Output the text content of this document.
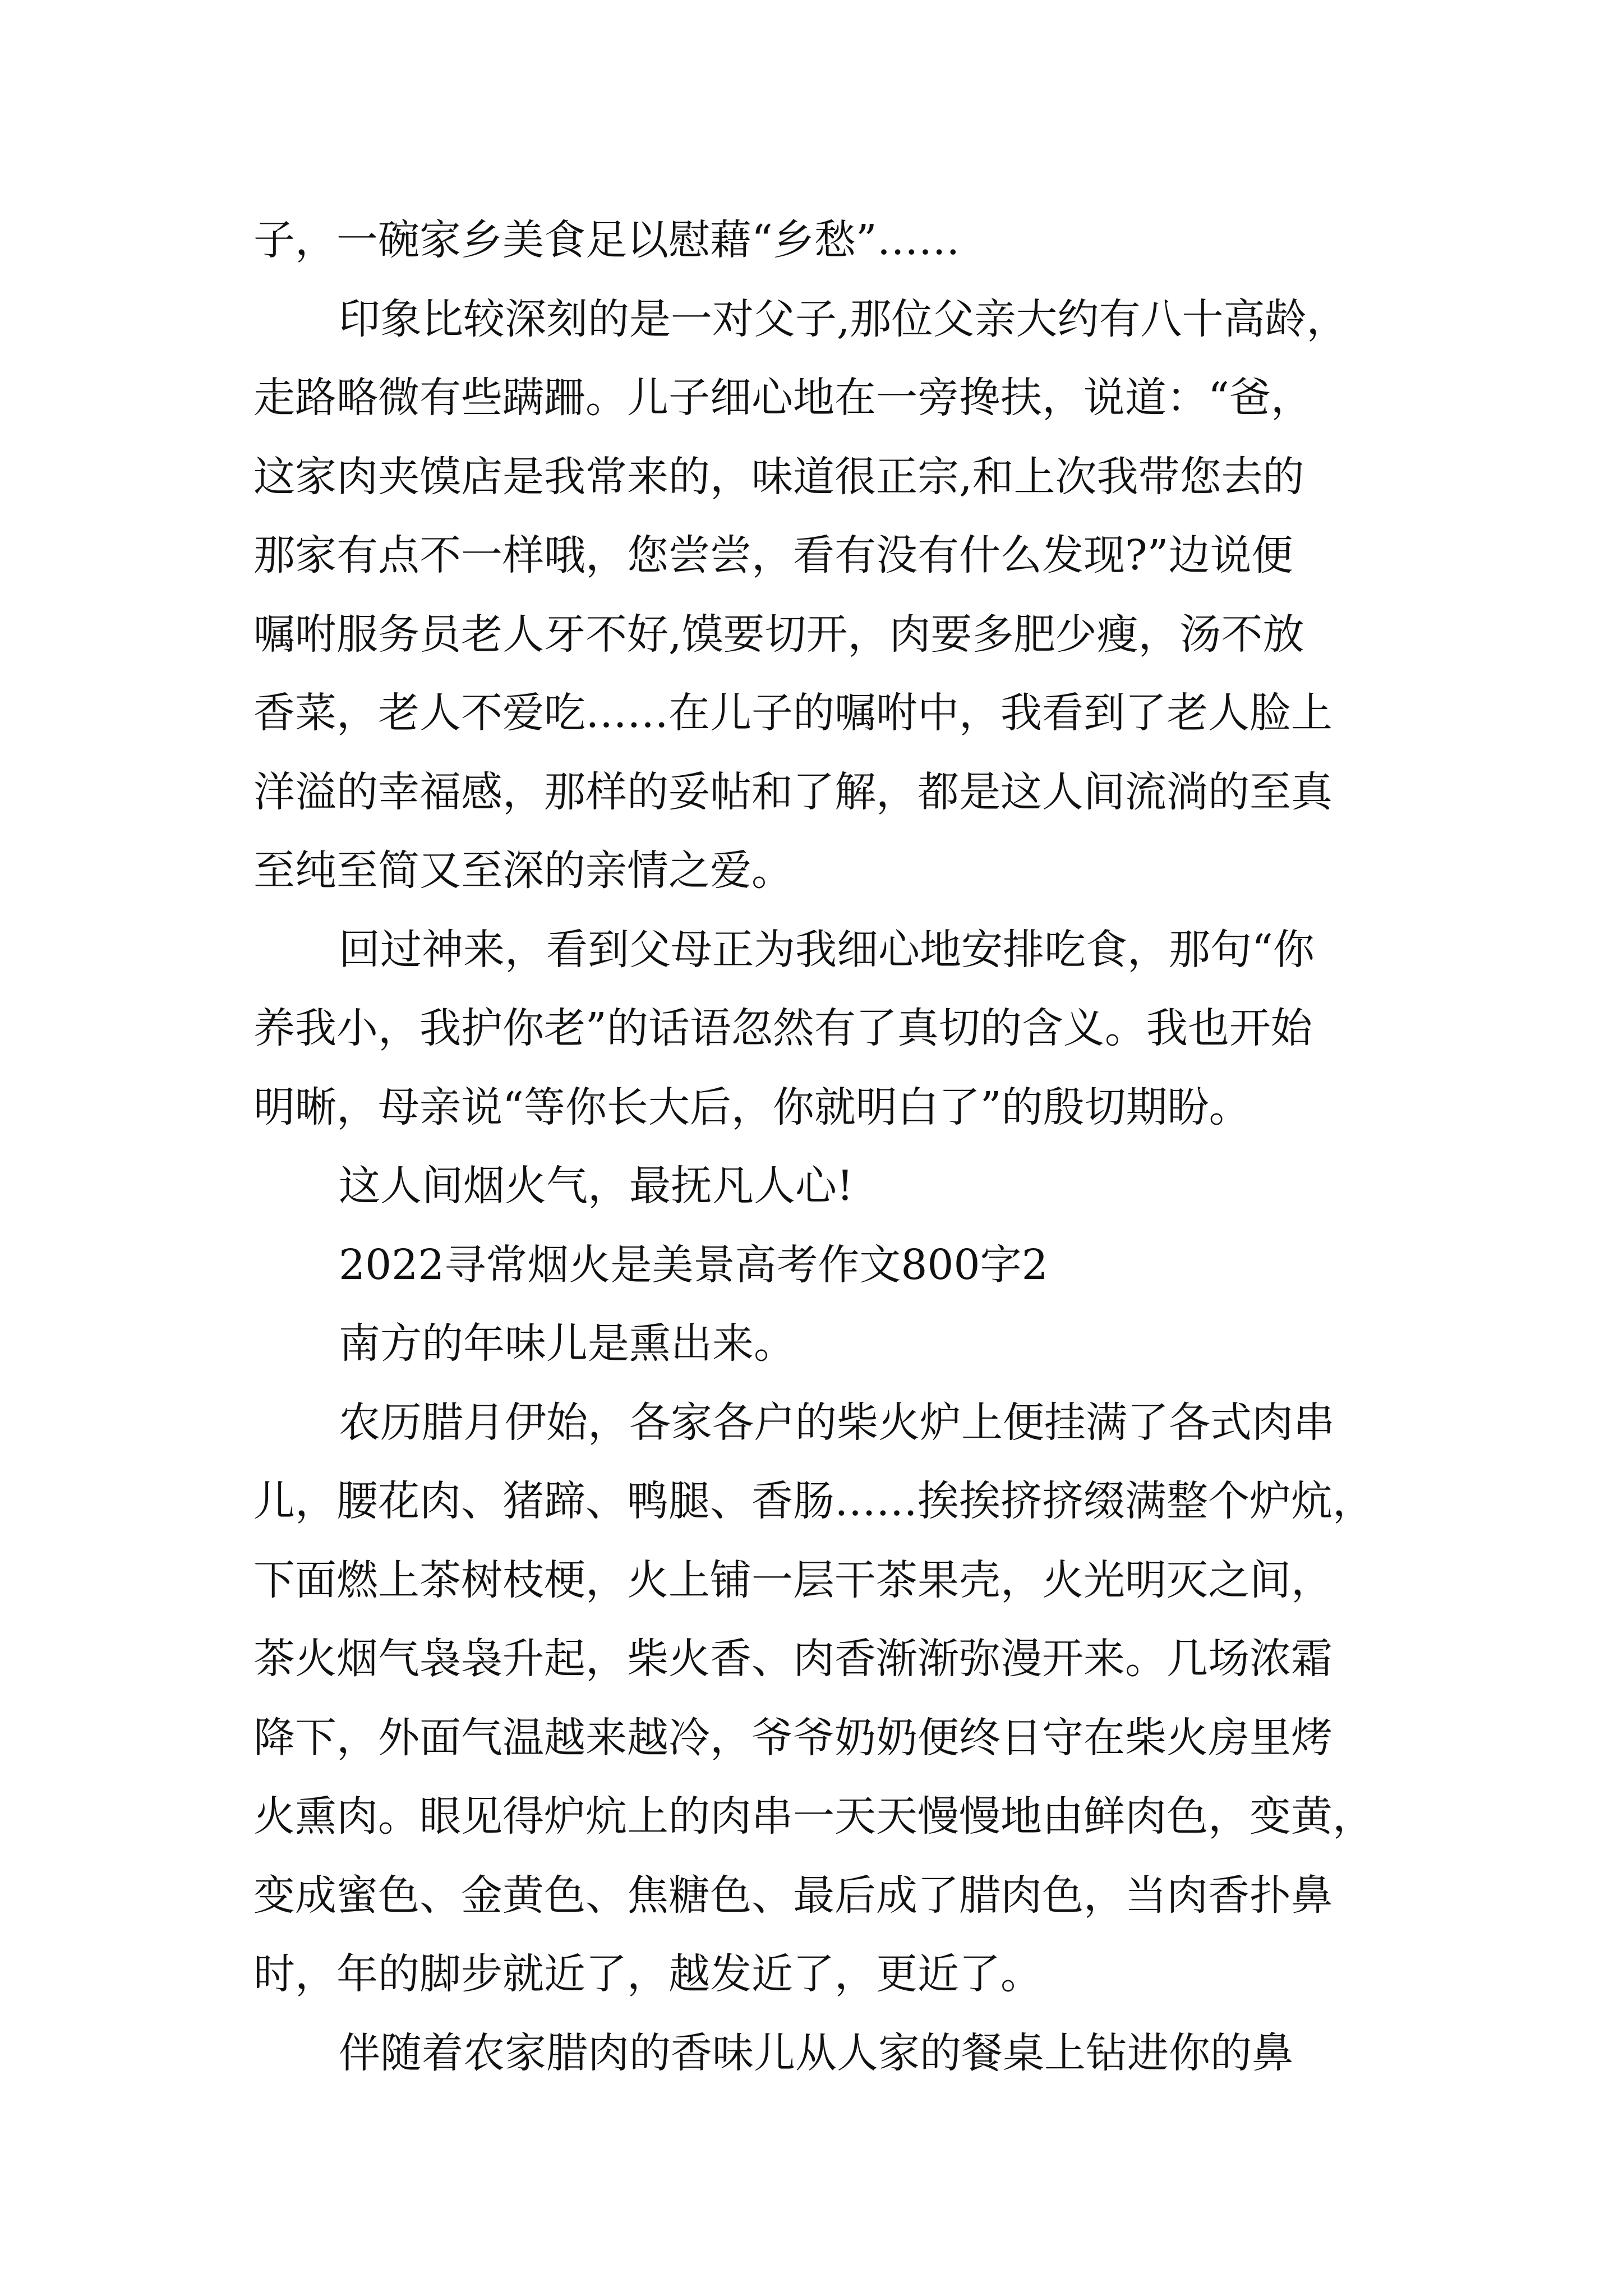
子，一碗家乡美食足以慰藉“乡愁”……
印象比较深刻的是一对父子,那位父亲大约有八十高龄，
走路略微有些蹒跚。儿子细心地在一旁搀扶，说道：“爸，
这家肉夹馍店是我常来的，味道很正宗,和上次我带您去的
那家有点不一样哦，您尝尝，看有没有什么发现?”边说便
嘱咐服务员老人牙不好,馍要切开，肉要多肥少瘦，汤不放
香菜，老人不爱吃……在儿子的嘱咐中，我看到了老人脸上
洋溢的幸福感，那样的妥帖和了解，都是这人间流淌的至真
至纯至简又至深的亲情之爱。
回过神来，看到父母正为我细心地安排吃食，那句“你
养我小，我护你老”的话语忽然有了真切的含义。我也开始
明晰，母亲说“等你长大后，你就明白了”的殷切期盼。
这人间烟火气，最抚凡人心!
2022寻常烟火是美景高考作文800字2
南方的年味儿是熏出来。
农历腊月伊始，各家各户的柴火炉上便挂满了各式肉串
儿，腰花肉、猪蹄、鸭腿、香肠……挨挨挤挤缀满整个炉炕，
下面燃上茶树枝梗，火上铺一层干茶果壳，火光明灭之间，
茶火烟气袅袅升起，柴火香、肉香渐渐弥漫开来。几场浓霜
降下，外面气温越来越冷，爷爷奶奶便终日守在柴火房里烤
火熏肉。眼见得炉炕上的肉串一天天慢慢地由鲜肉色，变黄，
变成蜜色、金黄色、焦糖色、最后成了腊肉色，当肉香扑鼻
时，年的脚步就近了，越发近了，更近了。
伴随着农家腊肉的香味儿从人家的餐桌上钻进你的鼻
